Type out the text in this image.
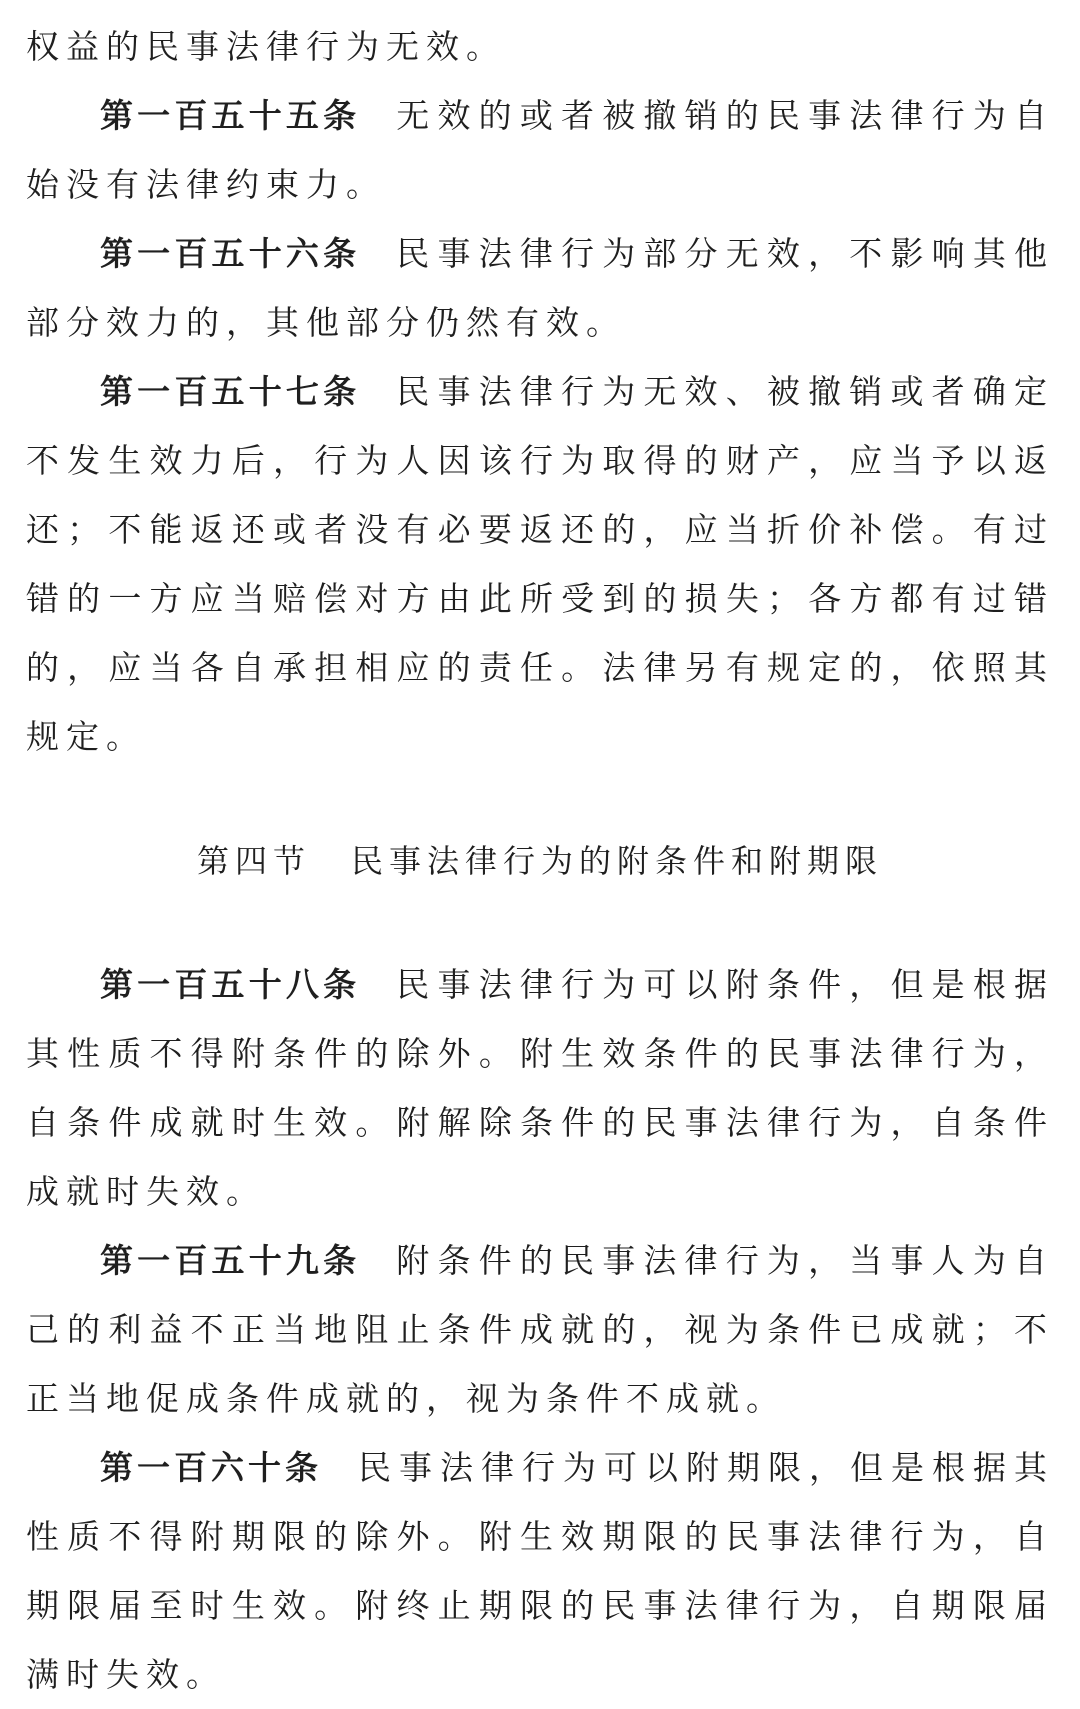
权益的民事法律行为无效。

第一百五十五条 无效的或者被撤销的民事法律行为自始没有法律约束力。

第一百五十六条 民事法律行为部分无效，不影响其他部分效力的，其他部分仍然有效。

第一百五十七条 民事法律行为无效、被撤销或者确定不发生效力后，行为人因该行为取得的财产，应当予以返还；不能返还或者没有必要返还的，应当折价补偿。有过错的一方应当赔偿对方由此所受到的损失；各方都有过错的，应当各自承担相应的责任。法律另有规定的，依照其规定。

第四节 民事法律行为的附条件和附期限

第一百五十八条 民事法律行为可以附条件，但是根据其性质不得附条件的除外。附生效条件的民事法律行为，自条件成就时生效。附解除条件的民事法律行为，自条件成就时失效。

第一百五十九条 附条件的民事法律行为，当事人为自己的利益不正当地阻止条件成就的，视为条件已成就；不正当地促成条件成就的，视为条件不成就。

第一百六十条 民事法律行为可以附期限，但是根据其性质不得附期限的除外。附生效期限的民事法律行为，自期限届至时生效。附终止期限的民事法律行为，自期限届满时失效。
